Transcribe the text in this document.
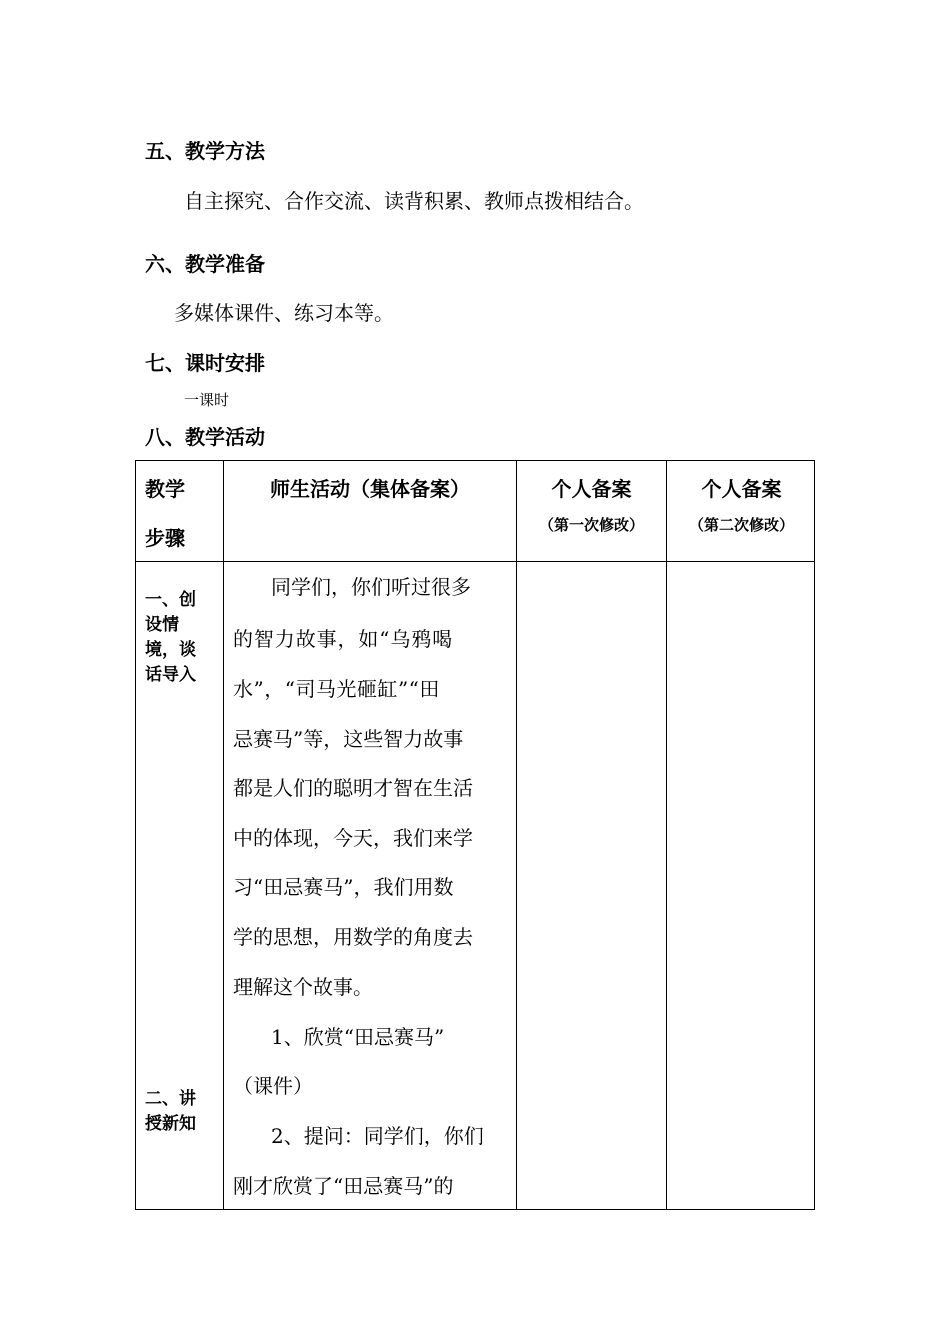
五、教学方法
自主探究、合作交流、读背积累、教师点拨相结合。
六、教学准备
多媒体课件、练习本等。
七、课时安排
一课时
八、教学活动
教学
步骤
师生活动（集体备案）	个人备案
（第一次修改）
个人备案
（第二次修改）
一、创
设情
境，谈
话导入
二、讲
授新知
同学们，你们听过很多
的智力故事，如“乌鸦喝
水”，“司马光砸缸”“田
忌赛马”等，这些智力故事
都是人们的聪明才智在生活
中的体现，今天，我们来学
习“田忌赛马”，我们用数
学的思想，用数学的角度去
理解这个故事。
1、欣赏“田忌赛马”
（课件）
2、提问：同学们，你们
刚才欣赏了“田忌赛马”的
